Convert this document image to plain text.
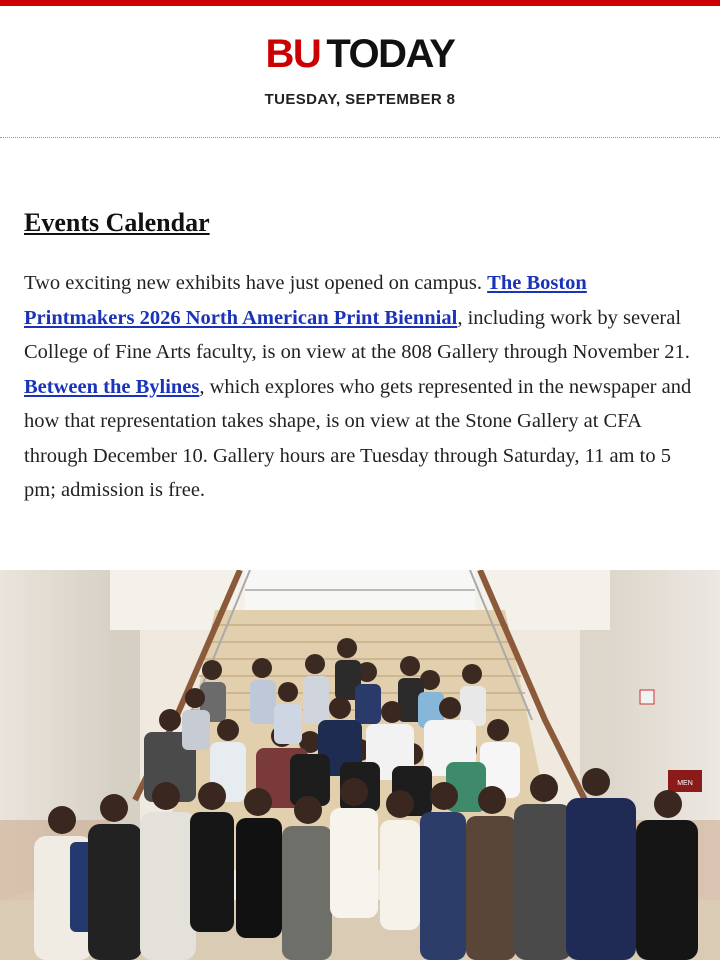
BU TODAY
TUESDAY, SEPTEMBER 8
Events Calendar

Two exciting new exhibits have just opened on campus. The Boston Printmakers 2026 North American Print Biennial, including work by several College of Fine Arts faculty, is on view at the 808 Gallery through November 21. Between the Bylines, which explores who gets represented in the newspaper and how that representation takes shape, is on view at the Stone Gallery at CFA through December 10. Gallery hours are Tuesday through Saturday, 11 am to 5 pm; admission is free.

MEN
